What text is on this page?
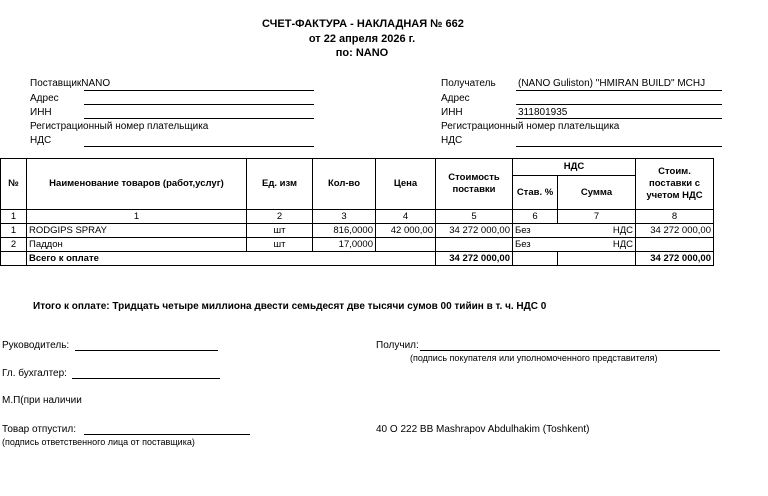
СЧЕТ-ФАКТУРА - НАКЛАДНАЯ № 662
от 22 апреля 2026 г.
по: NANO
ПоставщикNANO
Адрес
ИНН
Регистрационный номер плательщика
НДС
Получатель (NANO Guliston) "HMIRAN BUILD" MCHJ
Адрес
ИНН	311801935
Регистрационный номер плательщика
НДС
№	Наименование товаров (работ,услуг)	Ед. изм	Кол-во	Цена	Стоимость поставки	НДС		Стоим. поставки с учетом НДС
						Став. %	Сумма	
1	1	2	3	4	5	6	7	8
1	RODGIPS SPRAY	шт	816,0000	42 000,00	34 272 000,00	Без	НДС	34 272 000,00
2	Паддон	шт	17,0000			Без	НДС	
	Всего к оплате				34 272 000,00			34 272 000,00
Итого к оплате: Тридцать четыре миллиона двести семьдесят две тысячи сумов 00 тийин в т. ч. НДС 0
Руководитель:
Гл. бухгалтер:
М.П(при наличии
Товар отпустил:
(подпись ответственного лица от поставщика)
Получил:
(подпись покупателя или уполномоченного представителя)
40 O 222 BB Mashrapov Abdulhakim (Toshkent)
